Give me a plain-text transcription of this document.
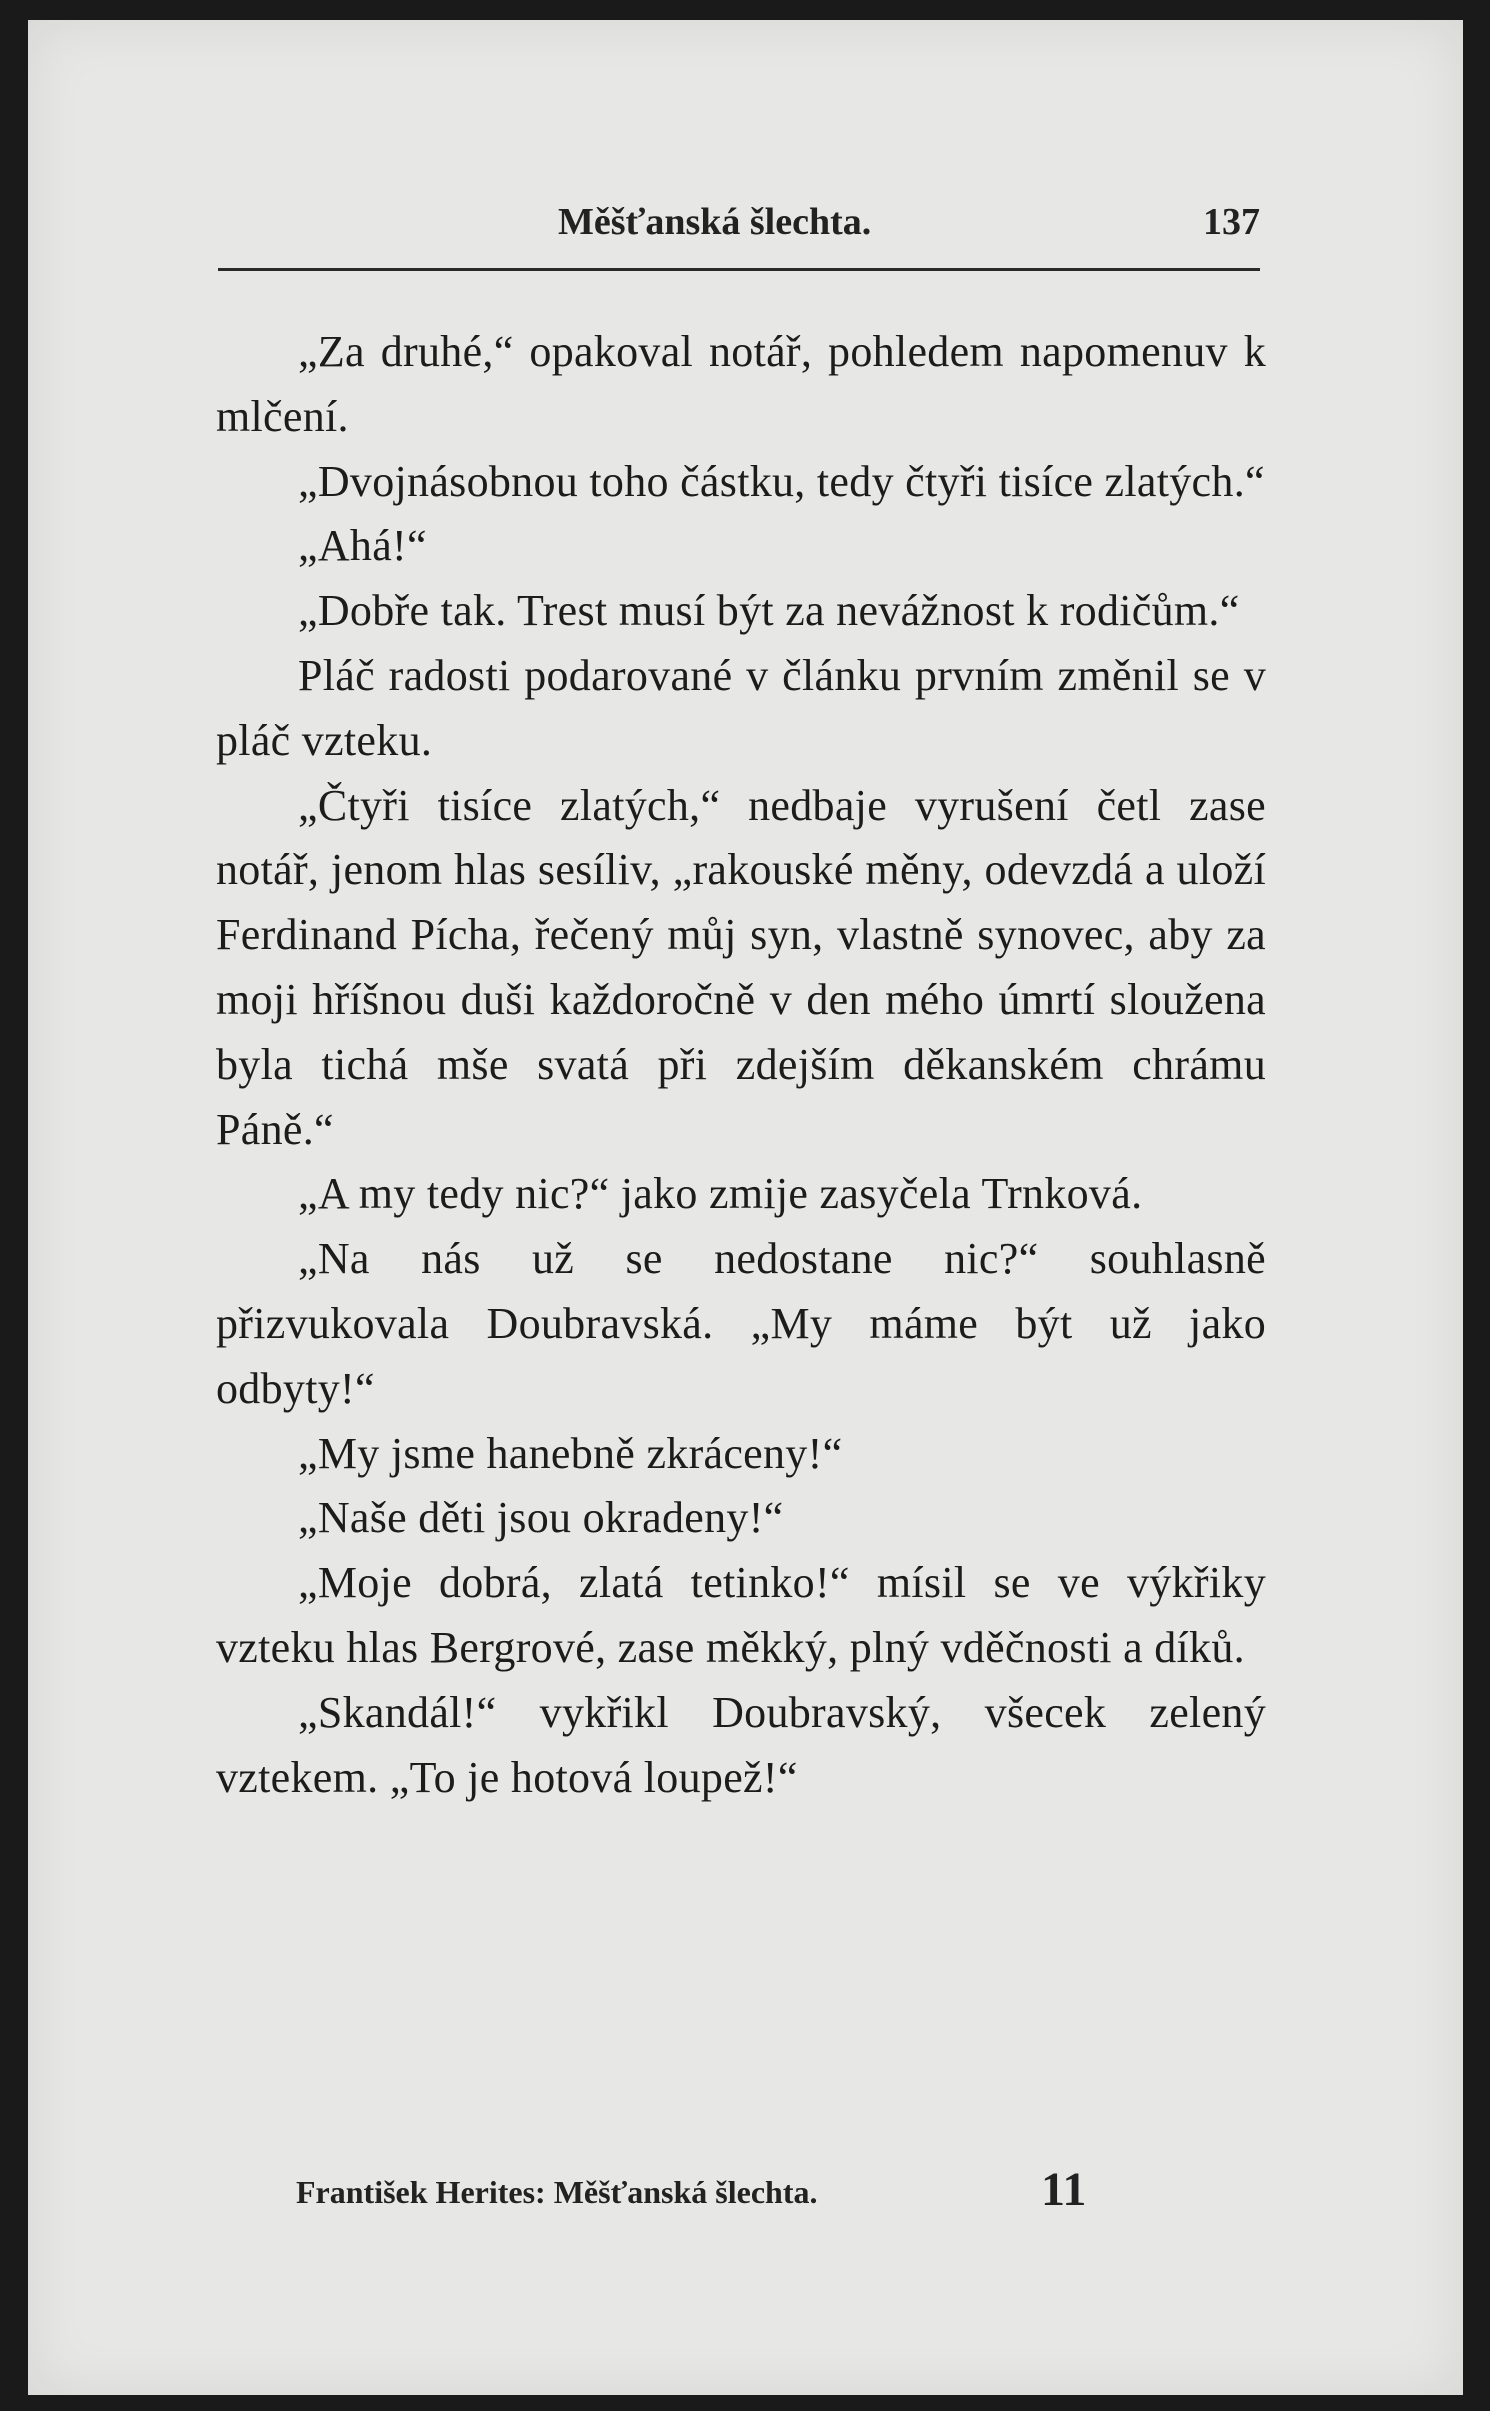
Měšťanská šlechta.	137

„Za druhé,“ opakoval notář, pohledem napomenuv k mlčení.

„Dvojnásobnou toho částku, tedy čtyři tisíce zlatých.“

„Ahá!“

„Dobře tak. Trest musí být za nevážnost k rodičům.“

Pláč radosti podarované v článku prvním změnil se v pláč vzteku.

„Čtyři tisíce zlatých,“ nedbaje vyrušení četl zase notář, jenom hlas sesíliv, „rakouské měny, odevzdá a uloží Ferdinand Pícha, řečený můj syn, vlastně synovec, aby za moji hříšnou duši každoročně v den mého úmrtí sloužena byla tichá mše svatá při zdejším děkanském chrámu Páně.“

„A my tedy nic?“ jako zmije zasyčela Trnková.

„Na nás už se nedostane nic?“ souhlasně přizvukovala Doubravská. „My máme být už jako odbyty!“

„My jsme hanebně zkráceny!“

„Naše děti jsou okradeny!“

„Moje dobrá, zlatá tetinko!“ mísil se ve výkřiky vzteku hlas Bergrové, zase měkký, plný vděčnosti a díků.

„Skandál!“ vykřikl Doubravský, všecek zelený vztekem. „To je hotová loupež!“

František Herites: Měšťanská šlechta.	11
